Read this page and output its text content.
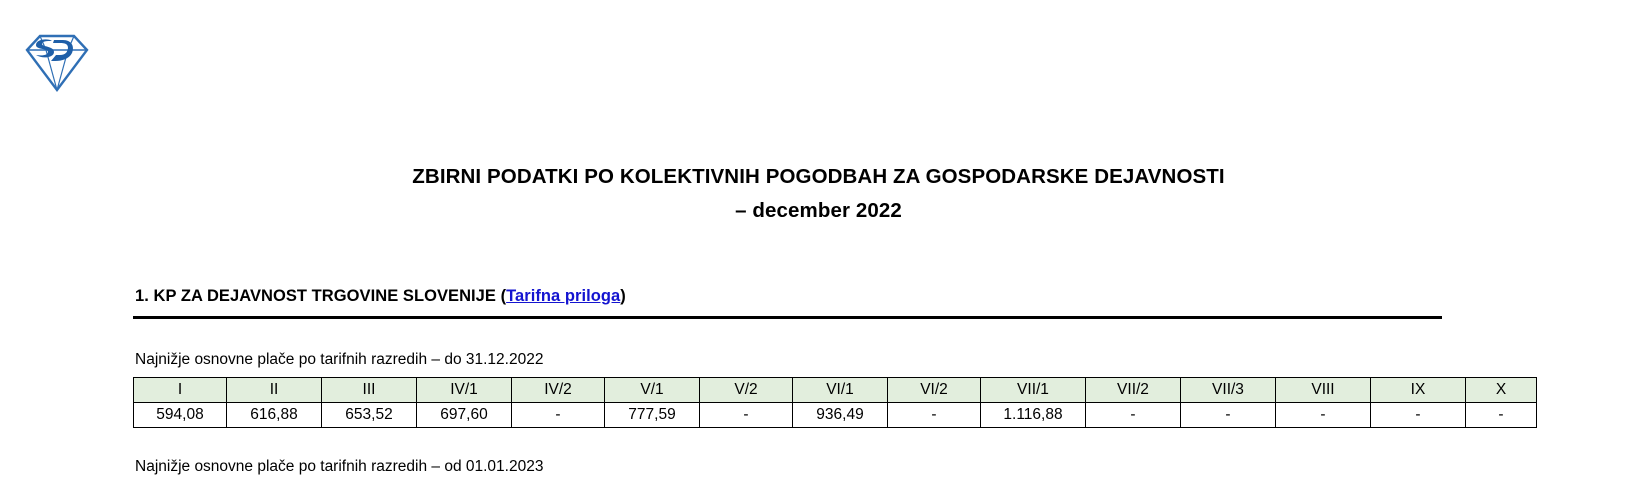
ZBIRNI PODATKI PO KOLEKTIVNIH POGODBAH ZA GOSPODARSKE DEJAVNOSTI
– december 2022
1. KP ZA DEJAVNOST TRGOVINE SLOVENIJE (Tarifna priloga)
Najnižje osnovne plače po tarifnih razredih – do 31.12.2022
I	II	III	IV/1	IV/2	V/1	V/2	VI/1	VI/2	VII/1	VII/2	VII/3	VIII	IX	X
594,08	616,88	653,52	697,60	-	777,59	-	936,49	-	1.116,88	-	-	-	-	-
Najnižje osnovne plače po tarifnih razredih – od 01.01.2023
